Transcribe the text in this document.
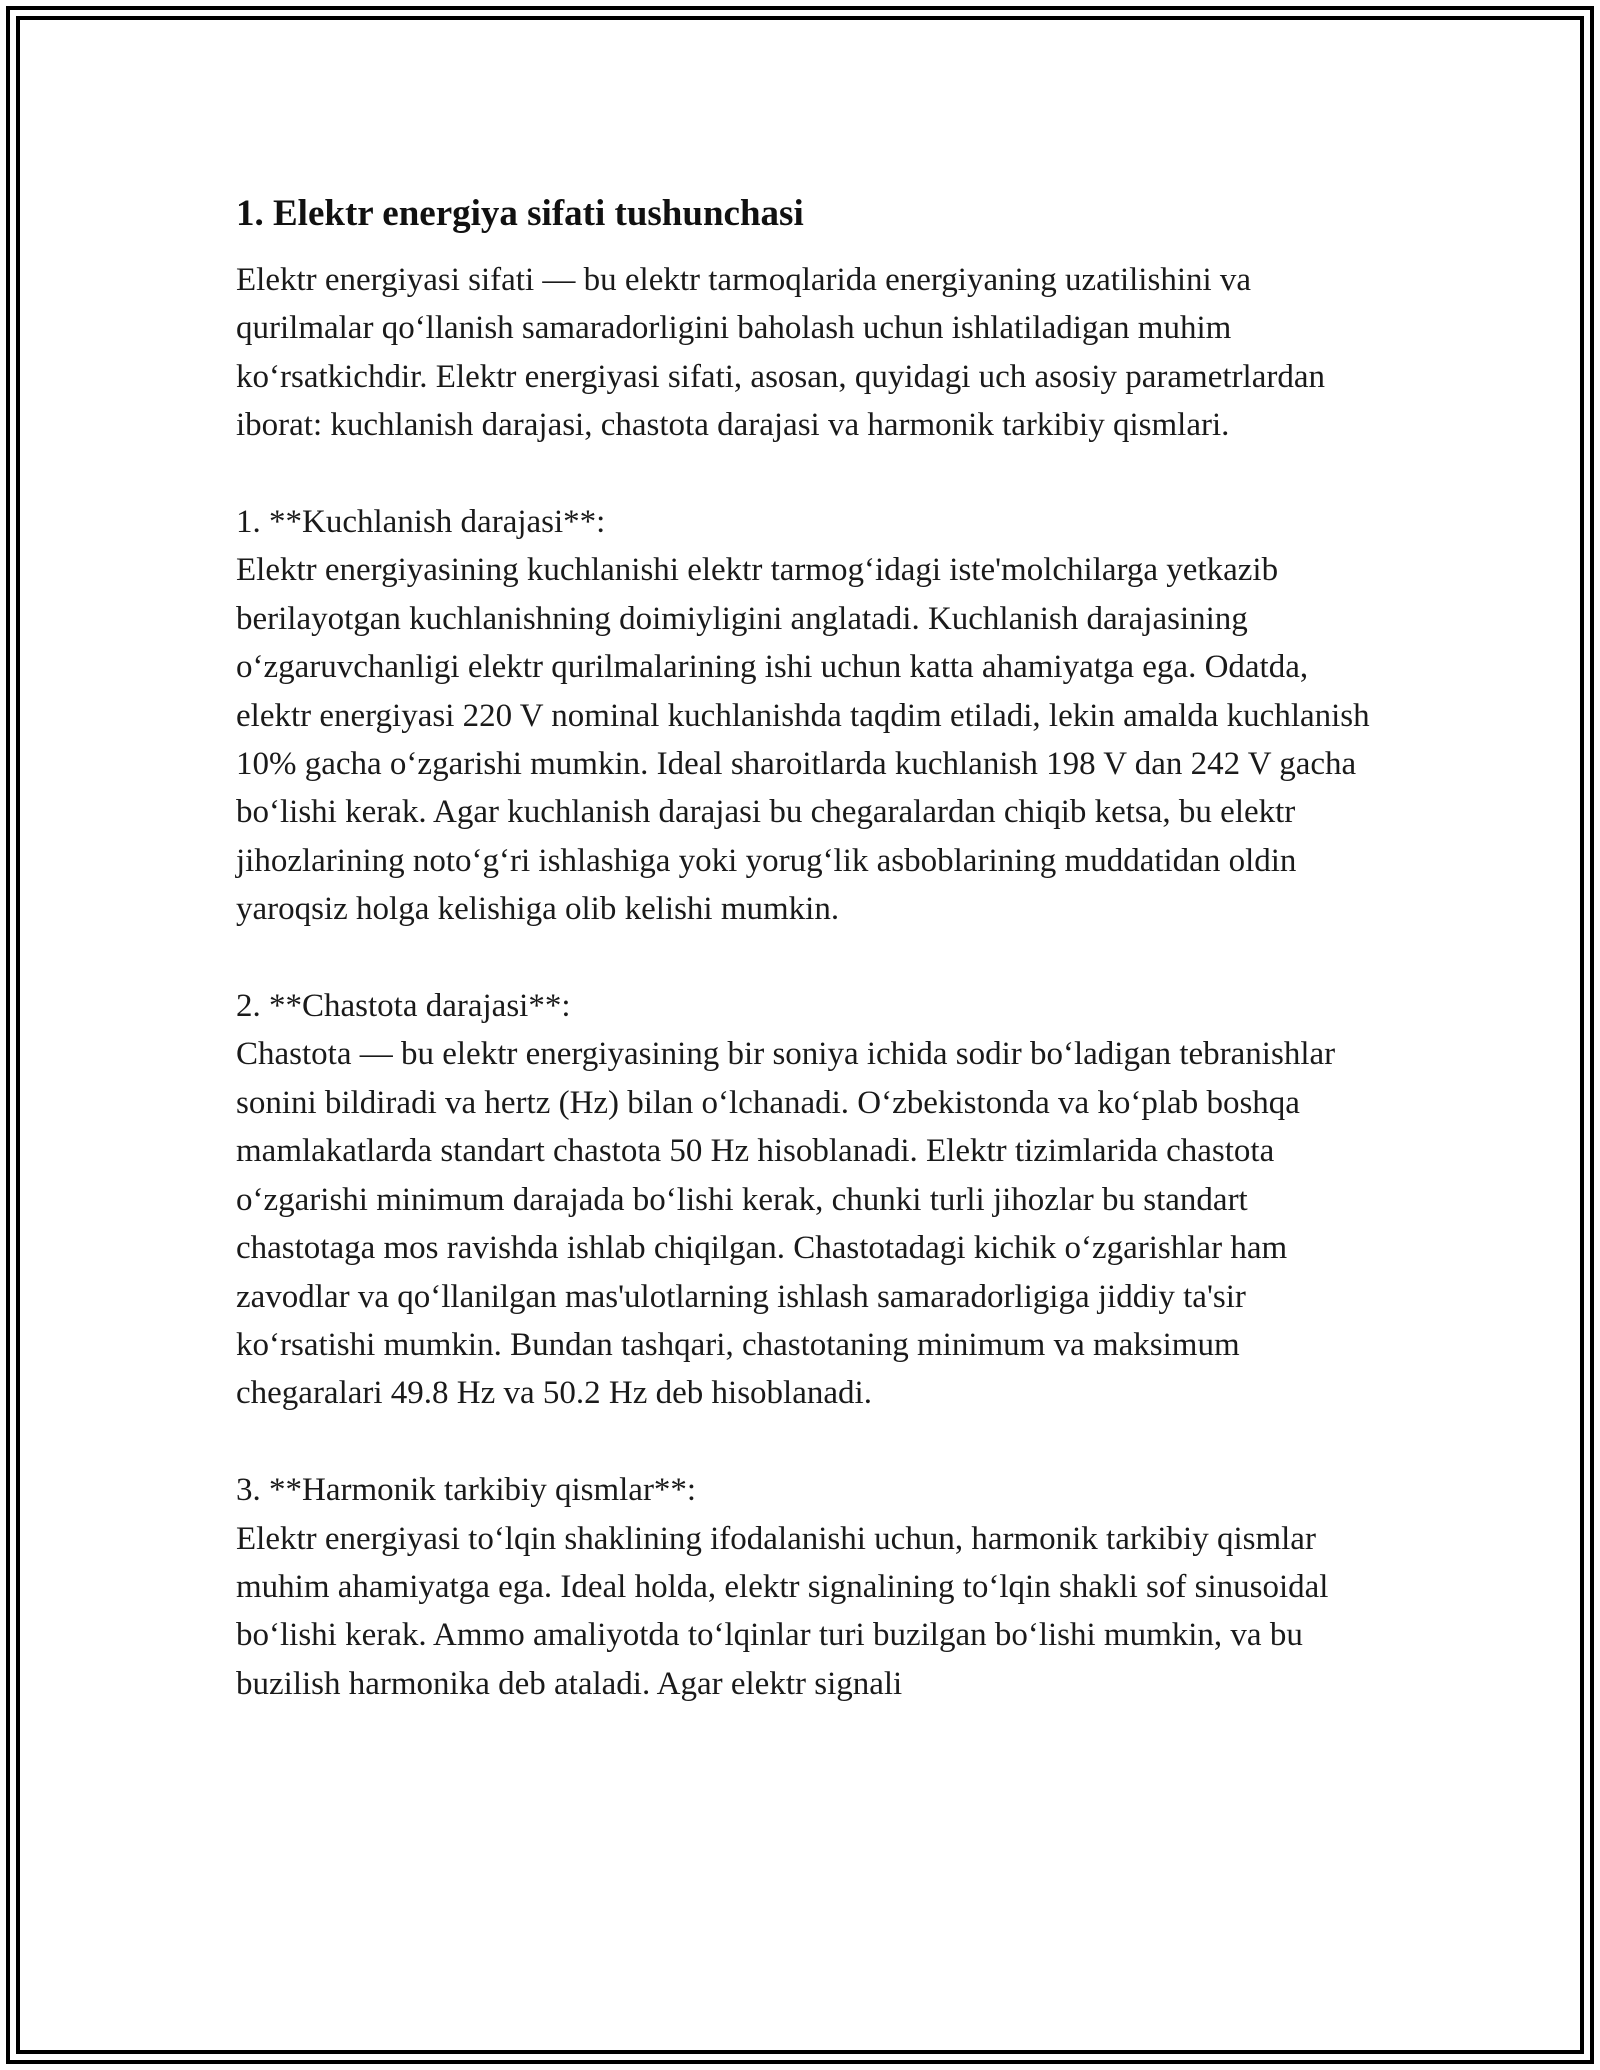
1. Elektr energiya sifati tushunchasi

Elektr energiyasi sifati — bu elektr tarmoqlarida energiyaning uzatilishini va qurilmalar qo‘llanish samaradorligini baholash uchun ishlatiladigan muhim ko‘rsatkichdir. Elektr energiyasi sifati, asosan, quyidagi uch asosiy parametrlardan iborat: kuchlanish darajasi, chastota darajasi va harmonik tarkibiy qismlari.

1. **Kuchlanish darajasi**:

Elektr energiyasining kuchlanishi elektr tarmog‘idagi iste'molchilarga yetkazib berilayotgan kuchlanishning doimiyligini anglatadi. Kuchlanish darajasining o‘zgaruvchanligi elektr qurilmalarining ishi uchun katta ahamiyatga ega. Odatda, elektr energiyasi 220 V nominal kuchlanishda taqdim etiladi, lekin amalda kuchlanish 10% gacha o‘zgarishi mumkin. Ideal sharoitlarda kuchlanish 198 V dan 242 V gacha bo‘lishi kerak. Agar kuchlanish darajasi bu chegaralardan chiqib ketsa, bu elektr jihozlarining noto‘g‘ri ishlashiga yoki yorug‘lik asboblarining muddatidan oldin yaroqsiz holga kelishiga olib kelishi mumkin.

2. **Chastota darajasi**:

Chastota — bu elektr energiyasining bir soniya ichida sodir bo‘ladigan tebranishlar sonini bildiradi va hertz (Hz) bilan o‘lchanadi. O‘zbekistonda va ko‘plab boshqa mamlakatlarda standart chastota 50 Hz hisoblanadi. Elektr tizimlarida chastota o‘zgarishi minimum darajada bo‘lishi kerak, chunki turli jihozlar bu standart chastotaga mos ravishda ishlab chiqilgan. Chastotadagi kichik o‘zgarishlar ham zavodlar va qo‘llanilgan mas'ulotlarning ishlash samaradorligiga jiddiy ta'sir ko‘rsatishi mumkin. Bundan tashqari, chastotaning minimum va maksimum chegaralari 49.8 Hz va 50.2 Hz deb hisoblanadi.

3. **Harmonik tarkibiy qismlar**:

Elektr energiyasi to‘lqin shaklining ifodalanishi uchun, harmonik tarkibiy qismlar muhim ahamiyatga ega. Ideal holda, elektr signalining to‘lqin shakli sof sinusoidal bo‘lishi kerak. Ammo amaliyotda to‘lqinlar turi buzilgan bo‘lishi mumkin, va bu buzilish harmonika deb ataladi. Agar elektr signali
